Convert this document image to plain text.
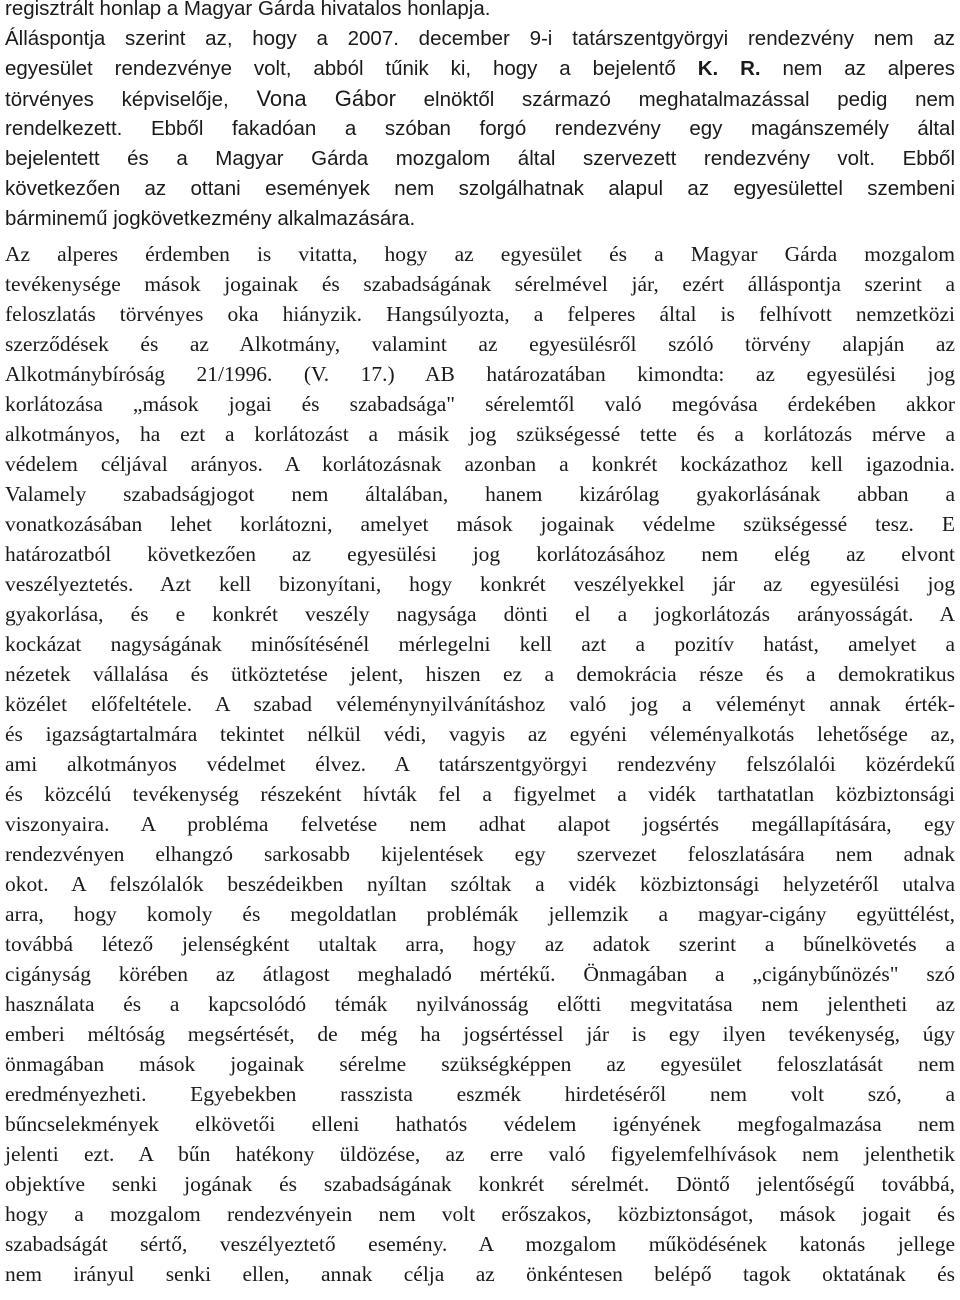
regisztrált honlap a Magyar Gárda hivatalos honlapja.
Álláspontja szerint az, hogy a 2007. december 9-i tatárszentgyörgyi rendezvény nem az
egyesület rendezvénye volt, abból tűnik ki, hogy a bejelentő K. R. nem az alperes
törvényes képviselője, Vona Gábor elnöktől származó meghatalmazással pedig nem
rendelkezett. Ebből fakadóan a szóban forgó rendezvény egy magánszemély által
bejelentett és a Magyar Gárda mozgalom által szervezett rendezvény volt. Ebből
következően az ottani események nem szolgálhatnak alapul az egyesülettel szembeni
bárminemű jogkövetkezmény alkalmazására.
Az alperes érdemben is vitatta, hogy az egyesület és a Magyar Gárda mozgalom
tevékenysége mások jogainak és szabadságának sérelmével jár, ezért álláspontja szerint a
feloszlatás törvényes oka hiányzik. Hangsúlyozta, a felperes által is felhívott nemzetközi
szerződések és az Alkotmány, valamint az egyesülésről szóló törvény alapján az
Alkotmánybíróság 21/1996. (V. 17.) AB határozatában kimondta: az egyesülési jog
korlátozása „mások jogai és szabadsága" sérelemtől való megóvása érdekében akkor
alkotmányos, ha ezt a korlátozást a másik jog szükségessé tette és a korlátozás mérve a
védelem céljával arányos. A korlátozásnak azonban a konkrét kockázathoz kell igazodnia.
Valamely szabadságjogot nem általában, hanem kizárólag gyakorlásának abban a
vonatkozásában lehet korlátozni, amelyet mások jogainak védelme szükségessé tesz. E
határozatból következően az egyesülési jog korlátozásához nem elég az elvont
veszélyeztetés. Azt kell bizonyítani, hogy konkrét veszélyekkel jár az egyesülési jog
gyakorlása, és e konkrét veszély nagysága dönti el a jogkorlátozás arányosságát. A
kockázat nagyságának minősítésénél mérlegelni kell azt a pozitív hatást, amelyet a
nézetek vállalása és ütköztetése jelent, hiszen ez a demokrácia része és a demokratikus
közélet előfeltétele. A szabad véleménynyilvánításhoz való jog a véleményt annak érték-
és igazságtartalmára tekintet nélkül védi, vagyis az egyéni véleményalkotás lehetősége az,
ami alkotmányos védelmet élvez. A tatárszentgyörgyi rendezvény felszólalói közérdekű
és közcélú tevékenység részeként hívták fel a figyelmet a vidék tarthatatlan közbiztonsági
viszonyaira. A probléma felvetése nem adhat alapot jogsértés megállapítására, egy
rendezvényen elhangzó sarkosabb kijelentések egy szervezet feloszlatására nem adnak
okot. A felszólalók beszédeikben nyíltan szóltak a vidék közbiztonsági helyzetéről utalva
arra, hogy komoly és megoldatlan problémák jellemzik a magyar-cigány együttélést,
továbbá létező jelenségként utaltak arra, hogy az adatok szerint a bűnelkövetés a
cigányság körében az átlagost meghaladó mértékű. Önmagában a „cigánybűnözés" szó
használata és a kapcsolódó témák nyilvánosság előtti megvitatása nem jelentheti az
emberi méltóság megsértését, de még ha jogsértéssel jár is egy ilyen tevékenység, úgy
önmagában mások jogainak sérelme szükségképpen az egyesület feloszlatását nem
eredményezheti. Egyebekben rasszista eszmék hirdetéséről nem volt szó, a
bűncselekmények elkövetői elleni hathatós védelem igényének megfogalmazása nem
jelenti ezt. A bűn hatékony üldözése, az erre való figyelemfelhívások nem jelenthetik
objektíve senki jogának és szabadságának konkrét sérelmét. Döntő jelentőségű továbbá,
hogy a mozgalom rendezvényein nem volt erőszakos, közbiztonságot, mások jogait és
szabadságát sértő, veszélyeztető esemény. A mozgalom működésének katonás jellege
nem irányul senki ellen, annak célja az önkéntesen belépő tagok oktatának és
